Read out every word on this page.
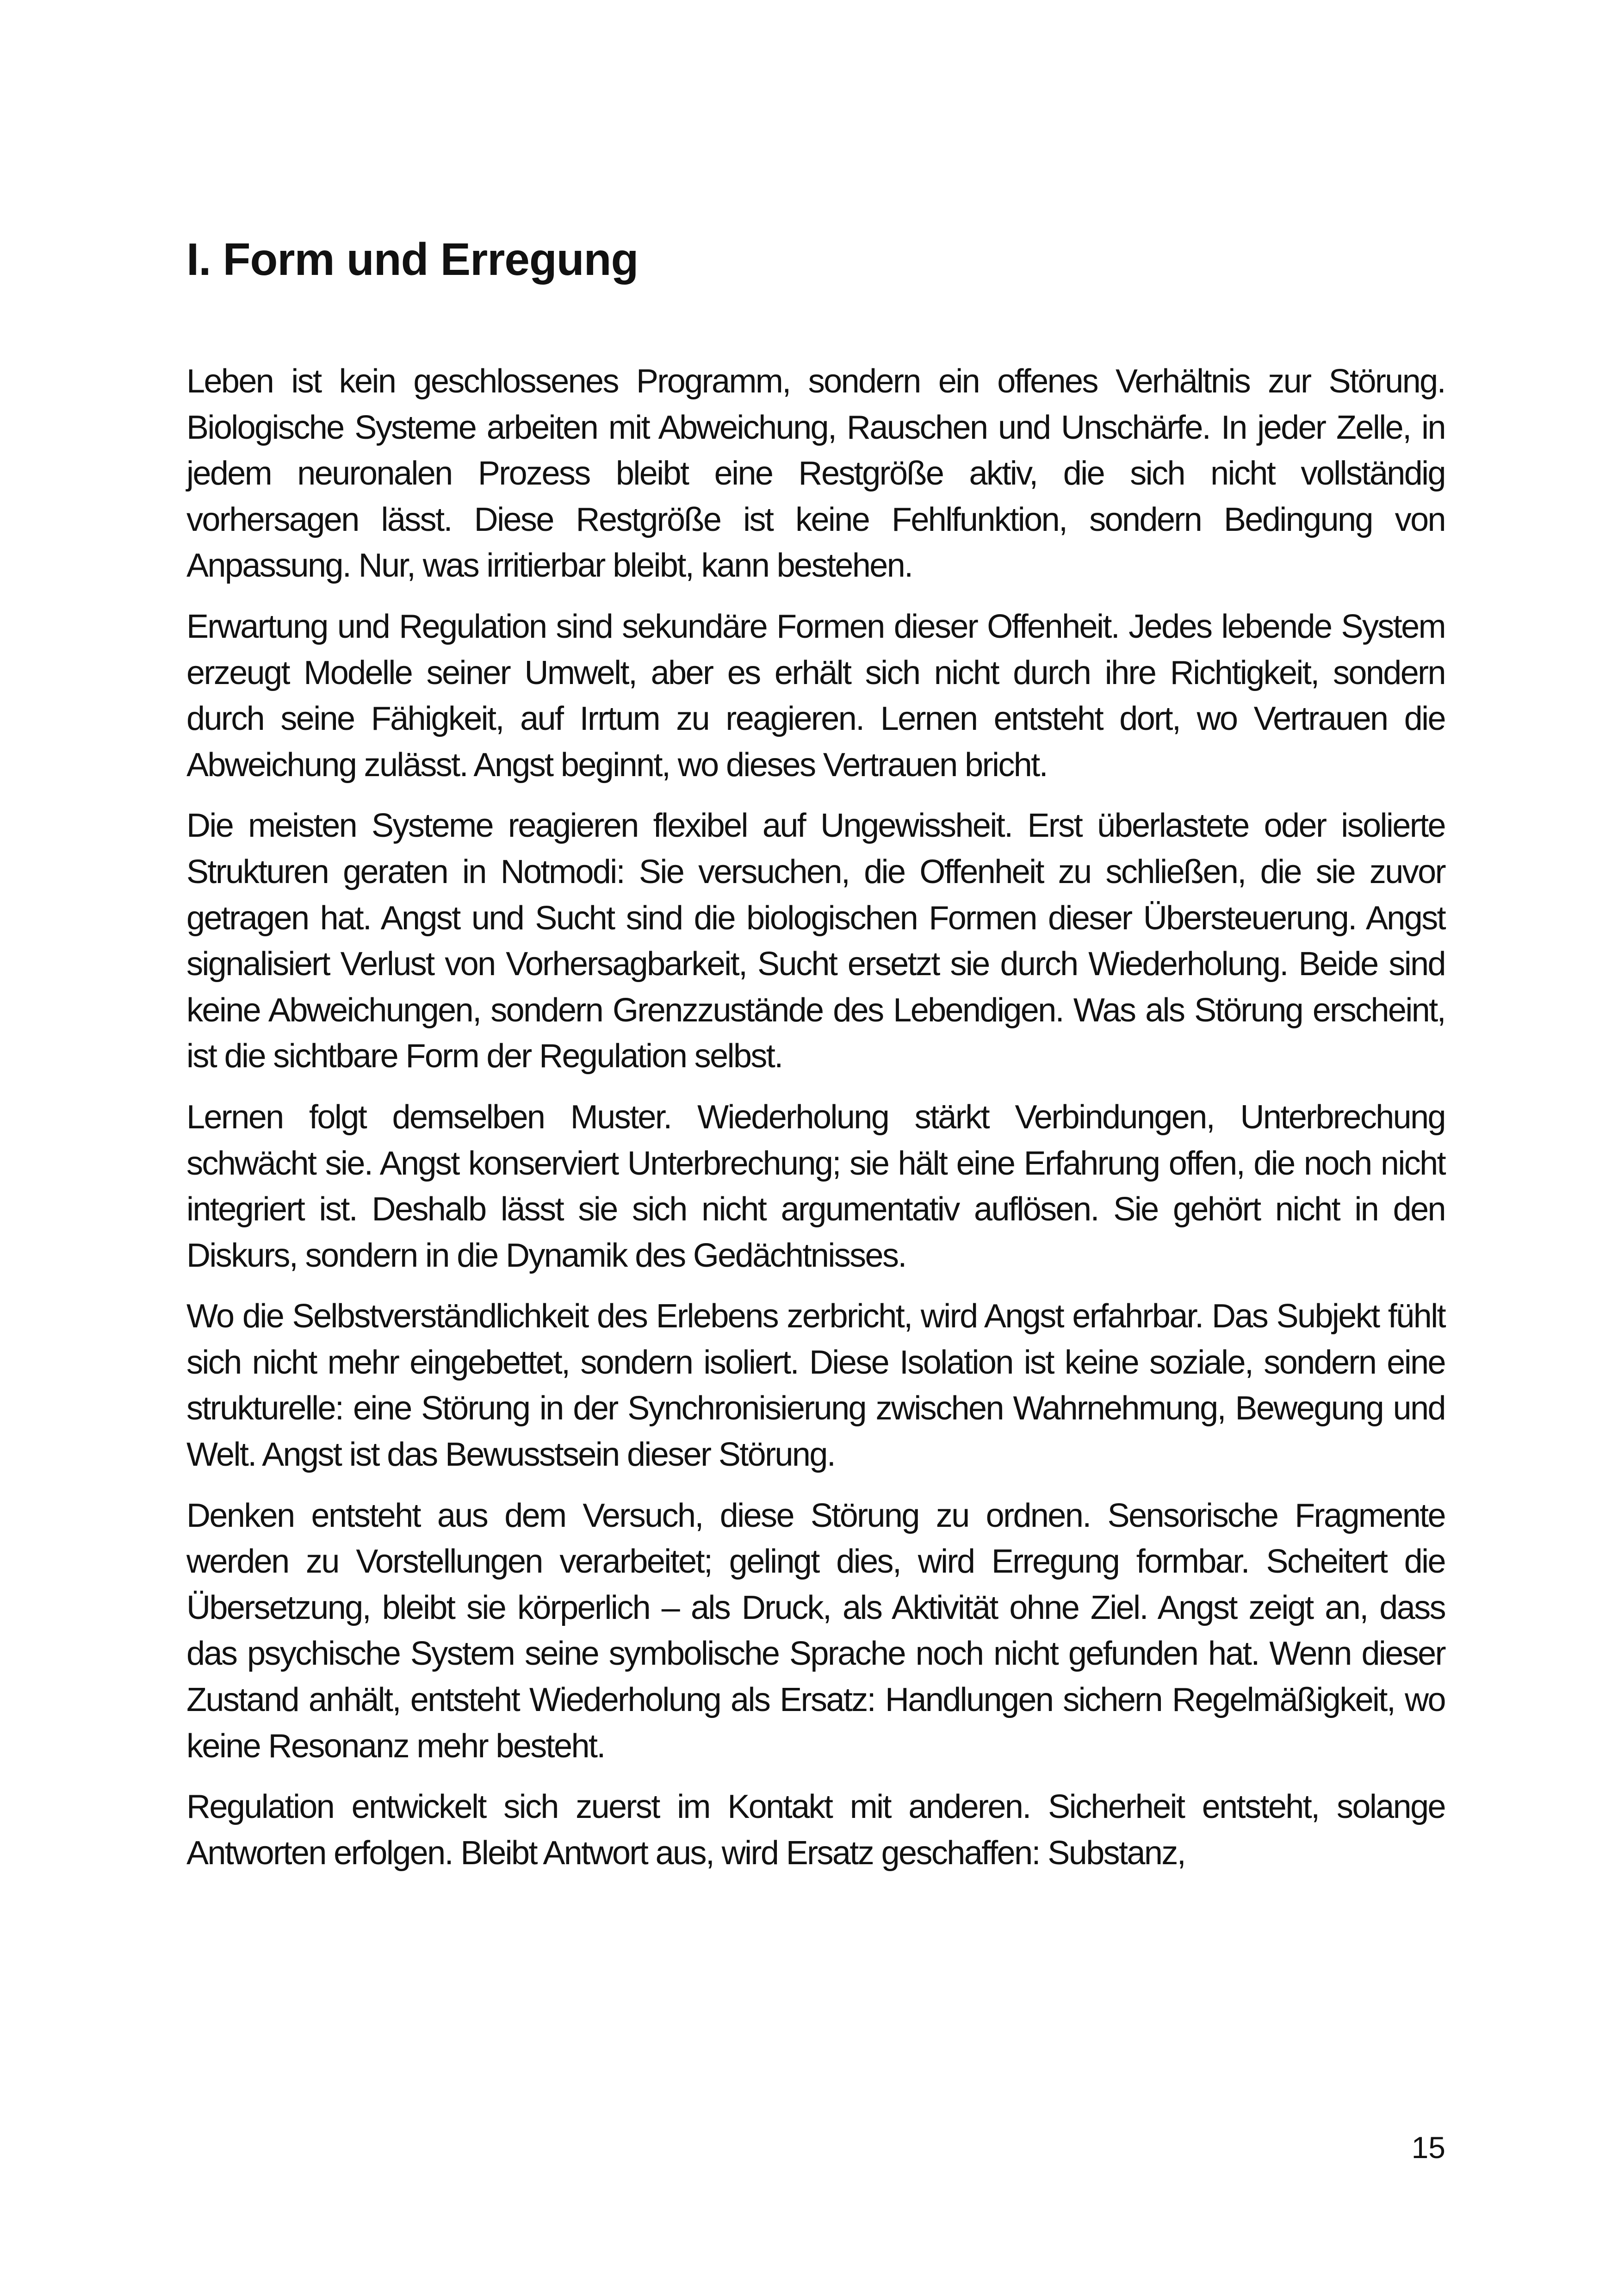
I. Form und Erregung

Leben ist kein geschlossenes Programm, sondern ein offenes Verhältnis zur Störung. Biologische Systeme arbeiten mit Abweichung, Rauschen und Unschärfe. In jeder Zelle, in jedem neuronalen Prozess bleibt eine Restgröße aktiv, die sich nicht vollständig vorhersagen lässt. Diese Restgröße ist keine Fehlfunktion, sondern Bedingung von Anpassung. Nur, was irritierbar bleibt, kann bestehen.

Erwartung und Regulation sind sekundäre Formen dieser Offenheit. Jedes lebende System erzeugt Modelle seiner Umwelt, aber es erhält sich nicht durch ihre Richtigkeit, sondern durch seine Fähigkeit, auf Irrtum zu reagieren. Lernen entsteht dort, wo Vertrauen die Abweichung zulässt. Angst beginnt, wo dieses Vertrauen bricht.

Die meisten Systeme reagieren flexibel auf Ungewissheit. Erst überlastete oder isolierte Strukturen geraten in Notmodi: Sie versuchen, die Offenheit zu schließen, die sie zuvor getragen hat. Angst und Sucht sind die biologischen Formen dieser Übersteuerung. Angst signalisiert Verlust von Vorhersagbarkeit, Sucht ersetzt sie durch Wiederholung. Beide sind keine Abweichungen, sondern Grenzzustände des Lebendigen. Was als Störung erscheint, ist die sichtbare Form der Regulation selbst.

Lernen folgt demselben Muster. Wiederholung stärkt Verbindungen, Unterbrechung schwächt sie. Angst konserviert Unterbrechung; sie hält eine Erfahrung offen, die noch nicht integriert ist. Deshalb lässt sie sich nicht argumentativ auflösen. Sie gehört nicht in den Diskurs, sondern in die Dynamik des Gedächtnisses.

Wo die Selbstverständlichkeit des Erlebens zerbricht, wird Angst erfahrbar. Das Subjekt fühlt sich nicht mehr eingebettet, sondern isoliert. Diese Isolation ist keine soziale, sondern eine strukturelle: eine Störung in der Synchronisierung zwischen Wahrnehmung, Bewegung und Welt. Angst ist das Bewusstsein dieser Störung.

Denken entsteht aus dem Versuch, diese Störung zu ordnen. Sensorische Fragmente werden zu Vorstellungen verarbeitet; gelingt dies, wird Erregung formbar. Scheitert die Übersetzung, bleibt sie körperlich – als Druck, als Aktivität ohne Ziel. Angst zeigt an, dass das psychische System seine symbolische Sprache noch nicht gefunden hat. Wenn dieser Zustand anhält, entsteht Wiederholung als Ersatz: Handlungen sichern Regelmäßigkeit, wo keine Resonanz mehr besteht.

Regulation entwickelt sich zuerst im Kontakt mit anderen. Sicherheit entsteht, solange Antworten erfolgen. Bleibt Antwort aus, wird Ersatz geschaffen: Substanz,

15
